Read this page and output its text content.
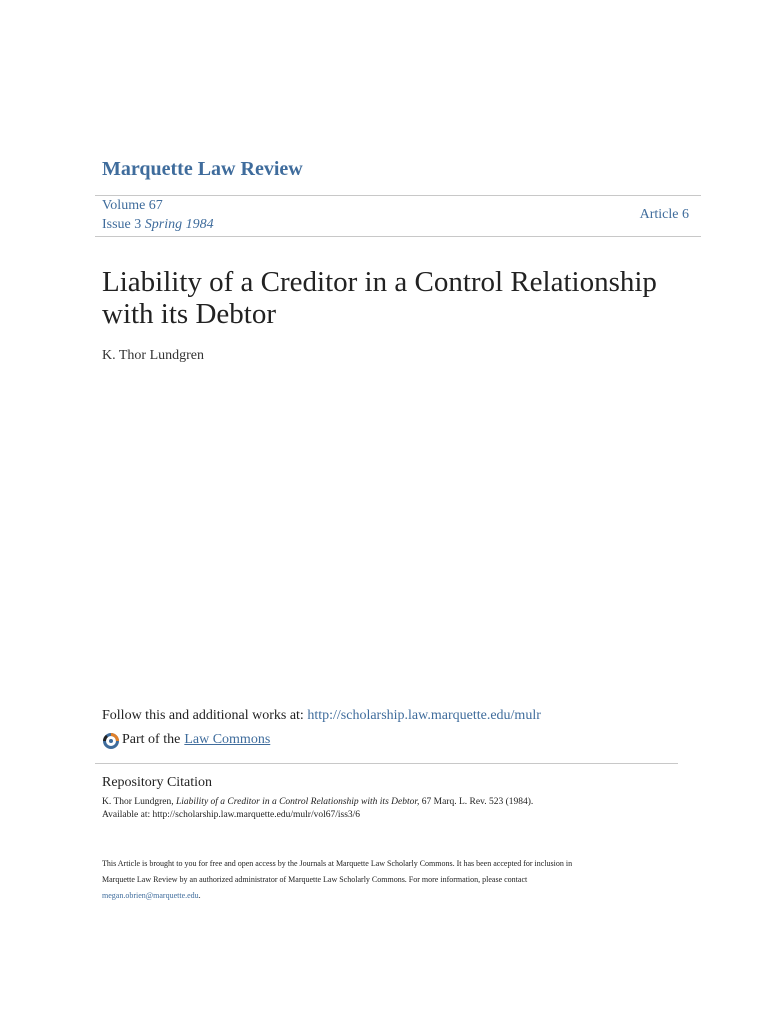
Marquette Law Review
Volume 67
Issue 3 Spring 1984
Article 6
Liability of a Creditor in a Control Relationship with its Debtor
K. Thor Lundgren
Follow this and additional works at: http://scholarship.law.marquette.edu/mulr
Part of the Law Commons
Repository Citation
K. Thor Lundgren, Liability of a Creditor in a Control Relationship with its Debtor, 67 Marq. L. Rev. 523 (1984).
Available at: http://scholarship.law.marquette.edu/mulr/vol67/iss3/6
This Article is brought to you for free and open access by the Journals at Marquette Law Scholarly Commons. It has been accepted for inclusion in
Marquette Law Review by an authorized administrator of Marquette Law Scholarly Commons. For more information, please contact
megan.obrien@marquette.edu.
